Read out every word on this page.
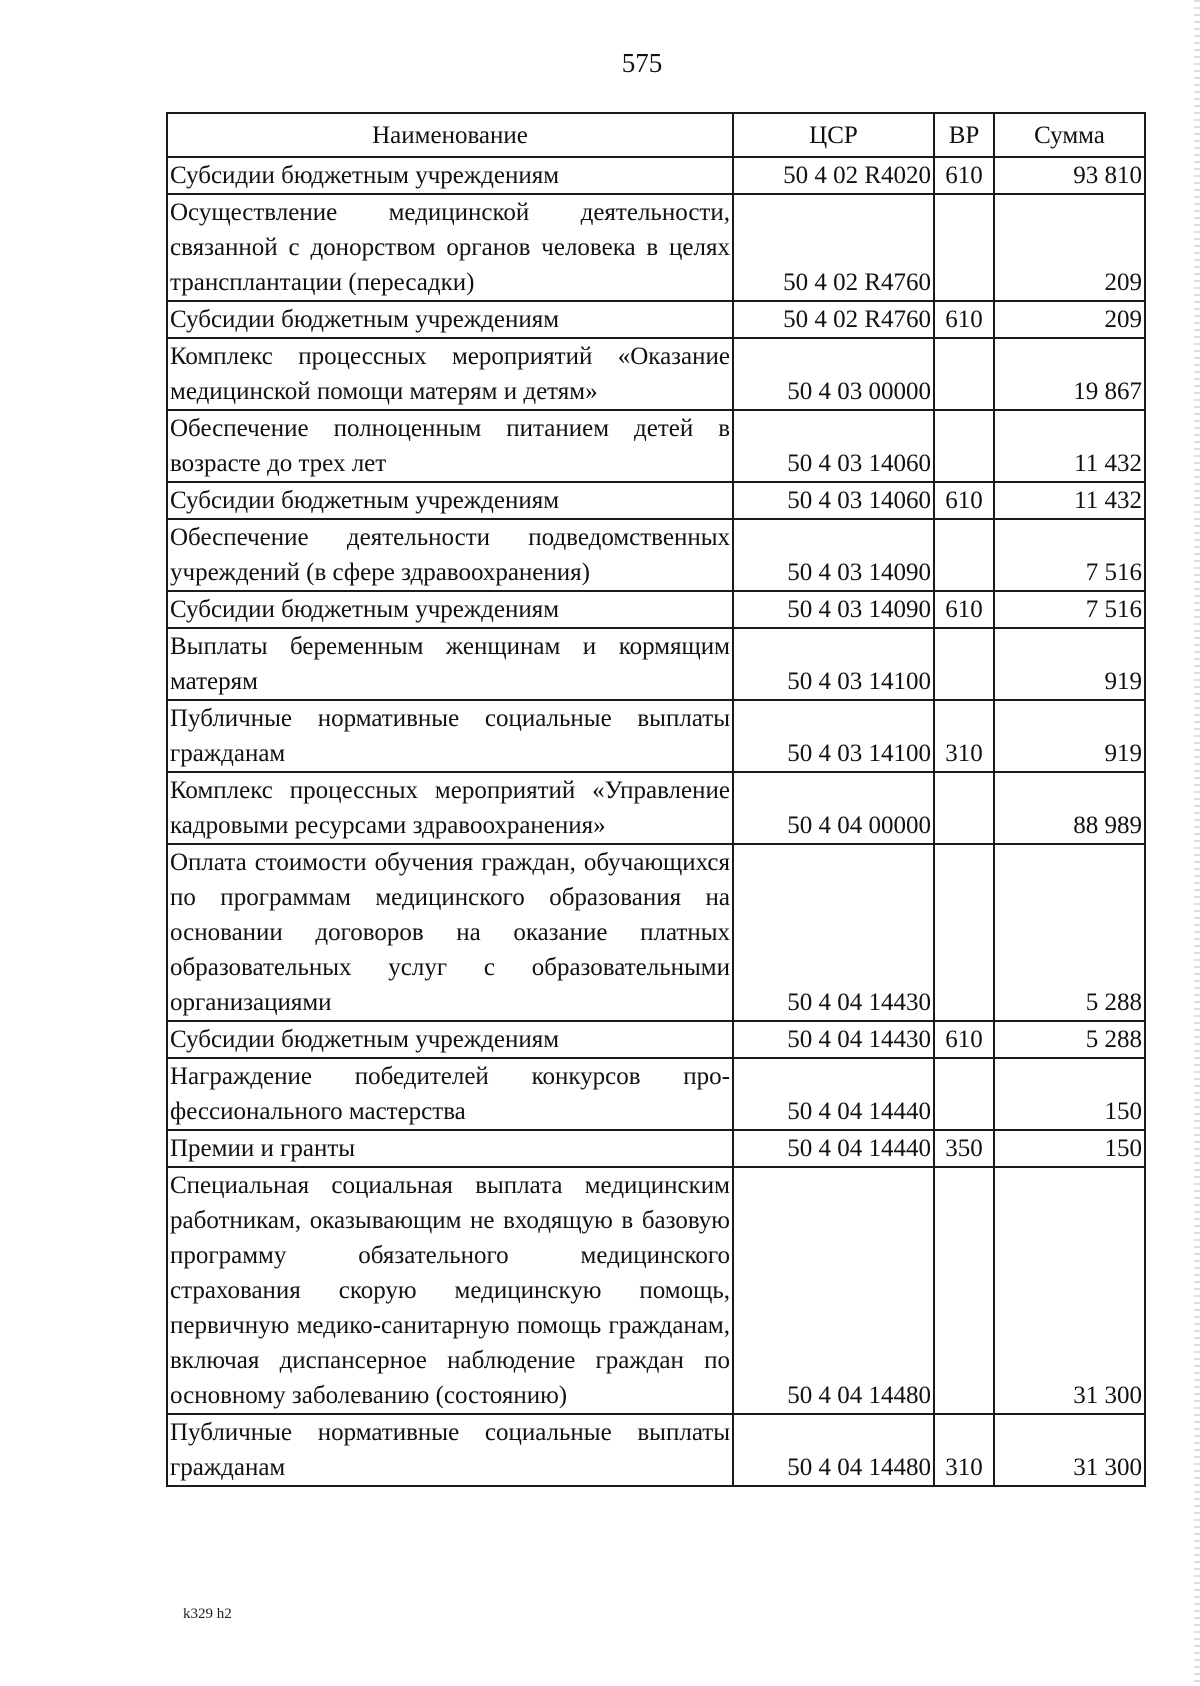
575
Наименование	ЦСР	ВР	Сумма
Субсидии бюджетным учреждениям	50 4 02 R4020	610	93 810
Осуществление медицинской деятельности, связанной с донорством органов человека в целях трансплантации (пересадки)	50 4 02 R4760		209
Субсидии бюджетным учреждениям	50 4 02 R4760	610	209
Комплекс процессных мероприятий «Оказание медицинской помощи матерям и детям»	50 4 03 00000		19 867
Обеспечение полноценным питанием детей в возрасте до трех лет	50 4 03 14060		11 432
Субсидии бюджетным учреждениям	50 4 03 14060	610	11 432
Обеспечение деятельности подведомственных учреждений (в сфере здравоохранения)	50 4 03 14090		7 516
Субсидии бюджетным учреждениям	50 4 03 14090	610	7 516
Выплаты беременным женщинам и кормящим матерям	50 4 03 14100		919
Публичные нормативные социальные выплаты гражданам	50 4 03 14100	310	919
Комплекс процессных мероприятий «Управление кадровыми ресурсами здравоохранения»	50 4 04 00000		88 989
Оплата стоимости обучения граждан, обучающихся по программам медицинского образования на основании договоров на оказание платных образовательных услуг с образовательными организациями	50 4 04 14430		5 288
Субсидии бюджетным учреждениям	50 4 04 14430	610	5 288
Награждение победителей конкурсов профессионального мастерства	50 4 04 14440		150
Премии и гранты	50 4 04 14440	350	150
Специальная социальная выплата медицинским работникам, оказывающим не входящую в базовую программу обязательного медицинского страхования скорую медицинскую помощь, первичную медико-санитарную помощь гражданам, включая диспансерное наблюдение граждан по основному заболеванию (состоянию)	50 4 04 14480		31 300
Публичные нормативные социальные выплаты гражданам	50 4 04 14480	310	31 300
k329 h2
